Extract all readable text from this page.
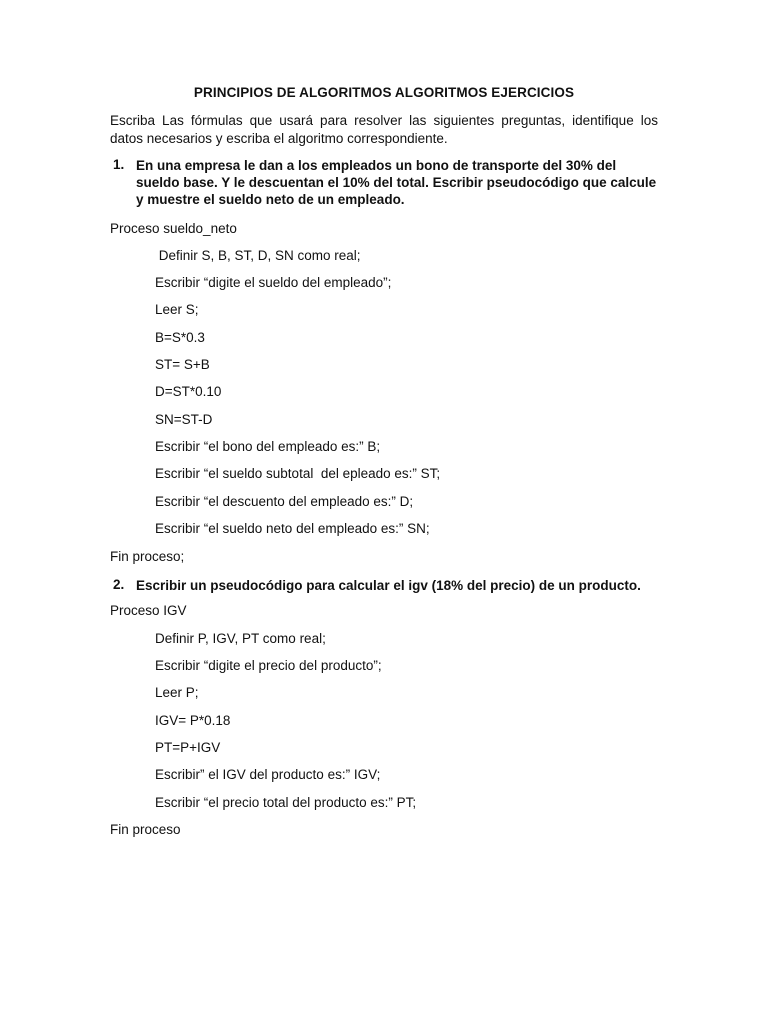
PRINCIPIOS DE ALGORITMOS ALGORITMOS EJERCICIOS
Escriba Las fórmulas que usará para resolver las siguientes preguntas, identifique los datos necesarios y escriba el algoritmo correspondiente.
1. En una empresa le dan a los empleados un bono de transporte del 30% del sueldo base. Y le descuentan el 10% del total. Escribir pseudocódigo que calcule y muestre el sueldo neto de un empleado.
Proceso sueldo_neto
Definir S, B, ST, D, SN como real;
Escribir “digite el sueldo del empleado”;
Leer S;
B=S*0.3
ST= S+B
D=ST*0.10
SN=ST-D
Escribir “el bono del empleado es:” B;
Escribir “el sueldo subtotal  del epleado es:” ST;
Escribir “el descuento del empleado es:” D;
Escribir “el sueldo neto del empleado es:” SN;
Fin proceso;
2. Escribir un pseudocódigo para calcular el igv (18% del precio) de un producto.
Proceso IGV
Definir P, IGV, PT como real;
Escribir “digite el precio del producto”;
Leer P;
IGV= P*0.18
PT=P+IGV
Escribir” el IGV del producto es:” IGV;
Escribir “el precio total del producto es:” PT;
Fin proceso
